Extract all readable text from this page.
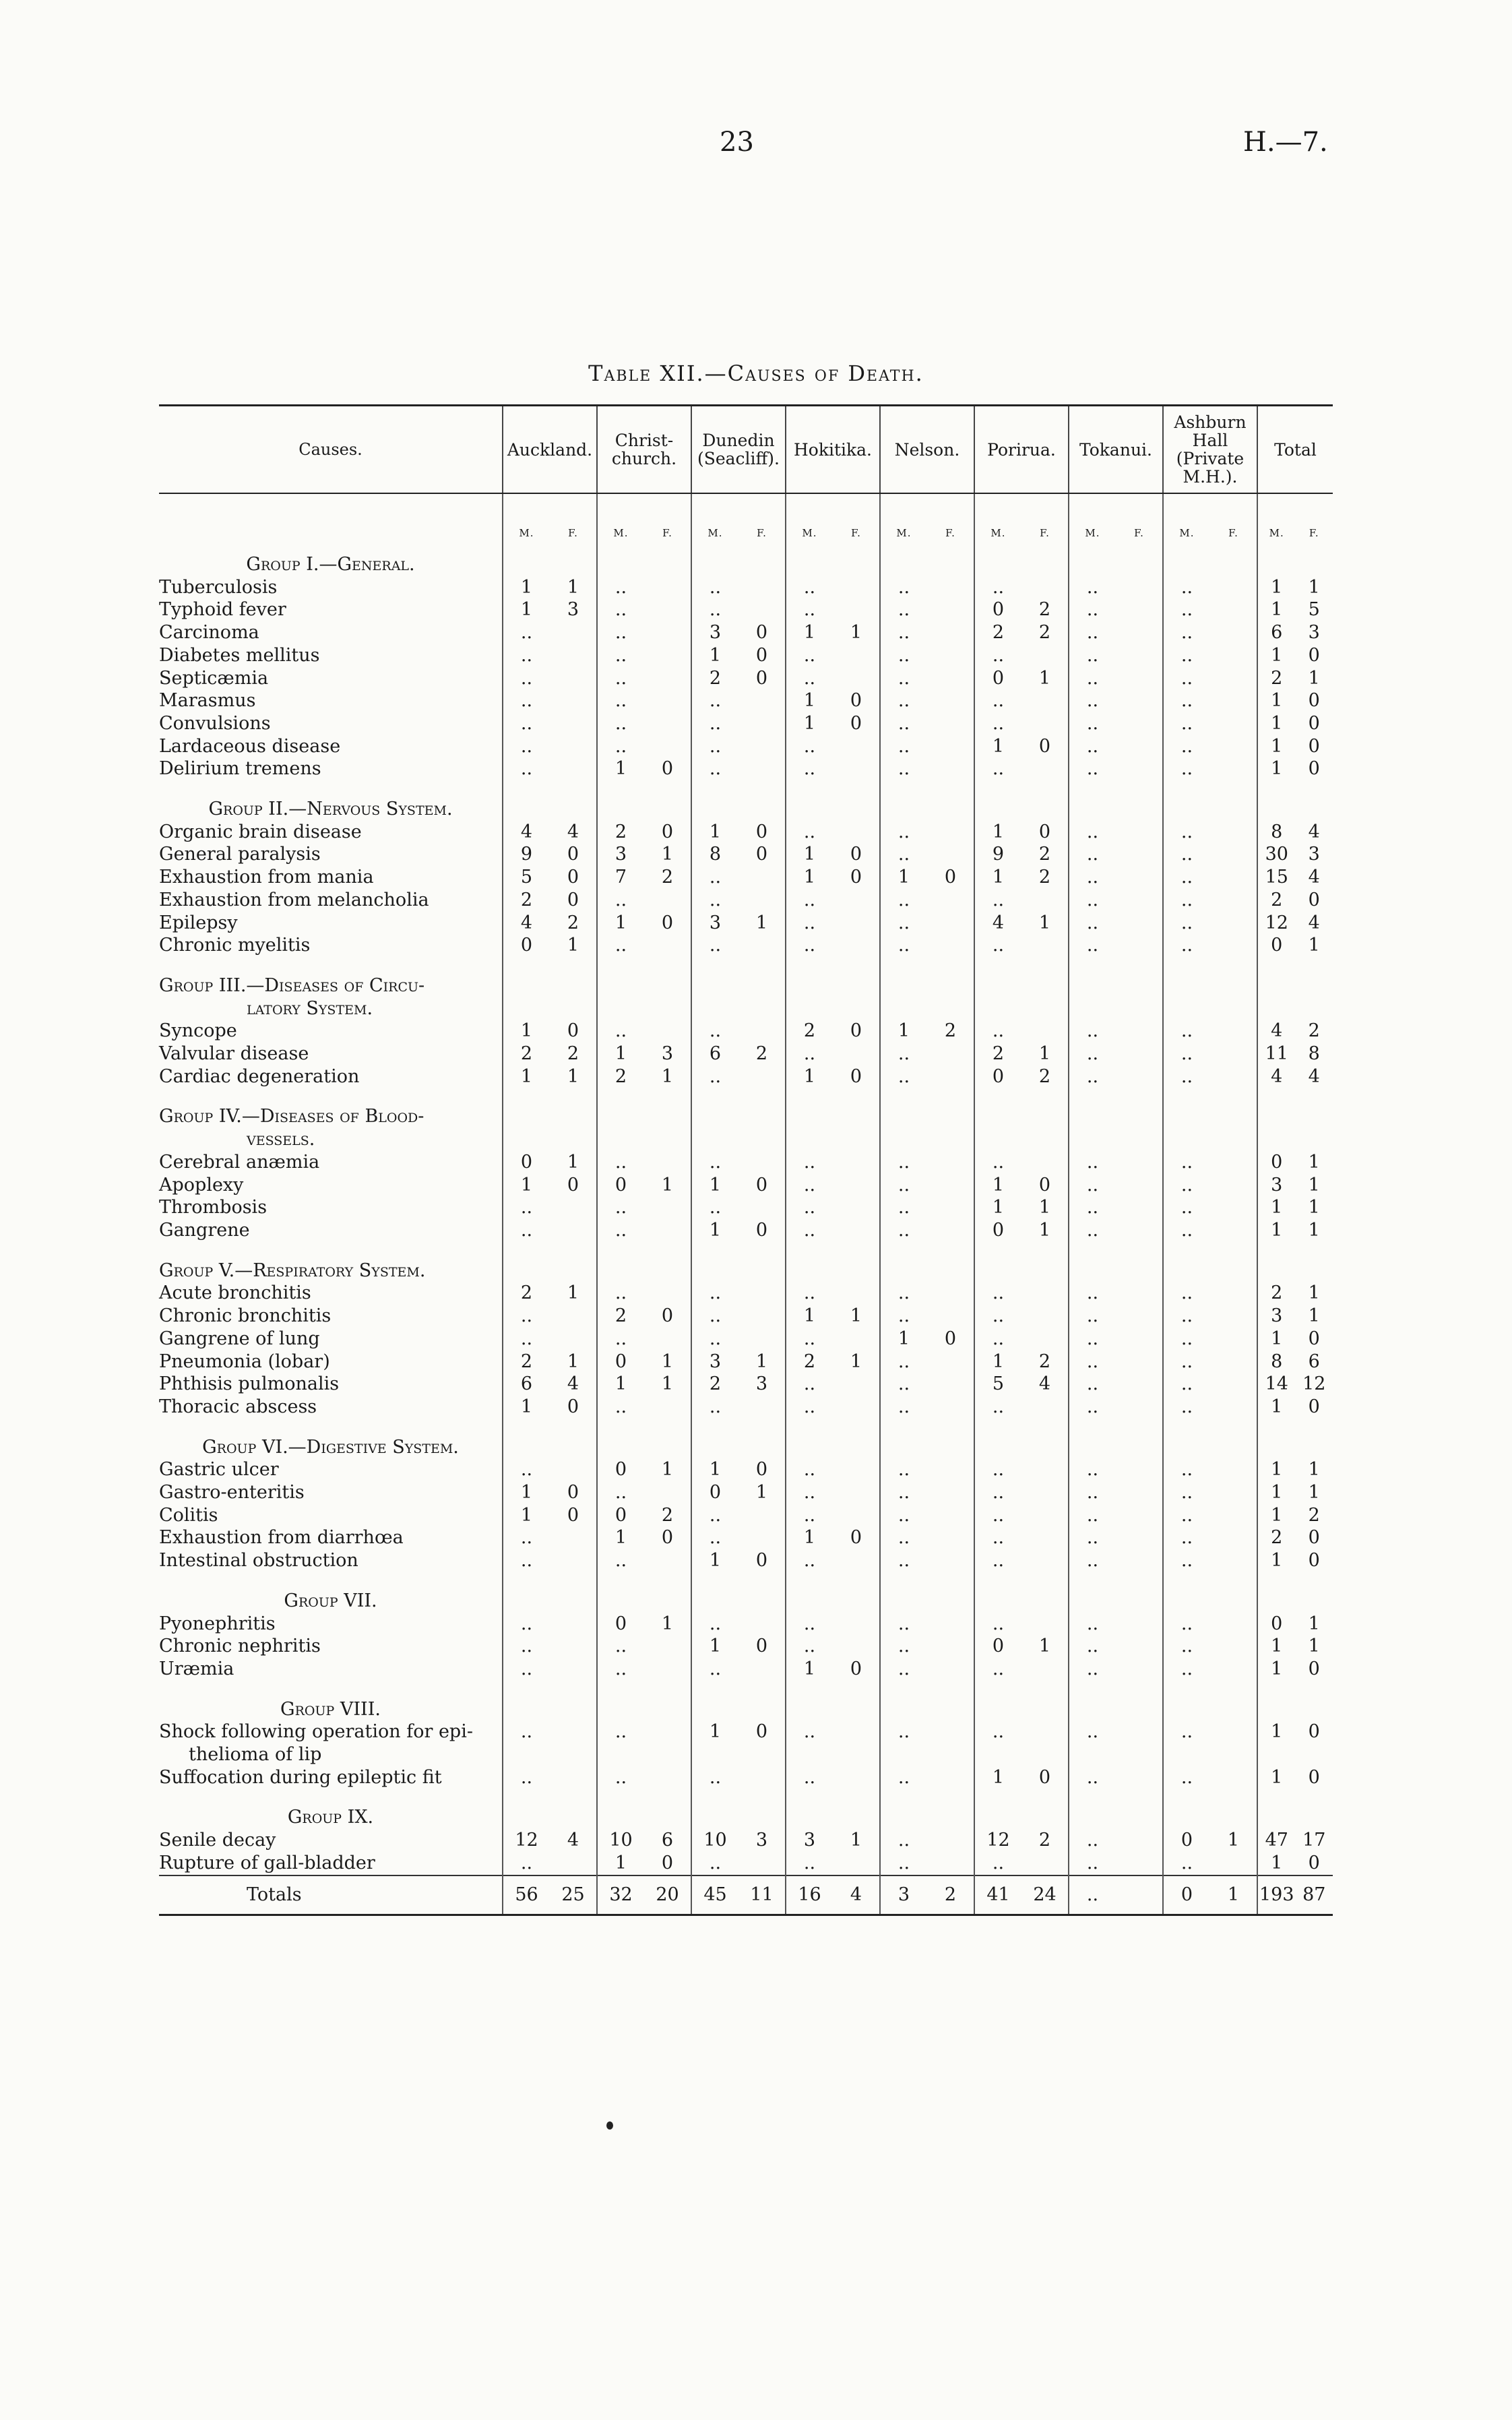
23	H.—7.
Table XII.—Causes of Death.
Causes.	Auckland.	Christ-church.	Dunedin (Seacliff).	Hokitika.	Nelson.	Porirua.	Tokanui.	Ashburn Hall (Private M.H.).	Total
	M. F.	M. F.	M. F.	M. F.	M. F.	M. F.	M. F.	M. F.	M. F.
Group I.—General.									
Tuberculosis	1 1	..	..	..	..	..	..	..	1 1
Typhoid fever	1 3	..	..	..	..	0 2	..	..	1 5
Carcinoma	..	..	3 0	1 1	..	2 2	..	..	6 3
Diabetes mellitus	..	..	1 0	..	..	..	..	..	1 0
Septicæmia	..	..	2 0	..	..	0 1	..	..	2 1
Marasmus	..	..	..	1 0	..	..	..	..	1 0
Convulsions	..	..	..	1 0	..	..	..	..	1 0
Lardaceous disease	..	..	..	..	..	1 0	..	..	1 0
Delirium tremens	..	1 0	..	..	..	..	..	..	1 0

Group II.—Nervous System.									
Organic brain disease	4 4	2 0	1 0	..	..	1 0	..	..	8 4
General paralysis	9 0	3 1	8 0	1 0	..	9 2	..	..	30 3
Exhaustion from mania	5 0	7 2	..	1 0	1 0	1 2	..	..	15 4
Exhaustion from melancholia	2 0	..	..	..	..	..	..	..	2 0
Epilepsy	4 2	1 0	3 1	..	..	4 1	..	..	12 4
Chronic myelitis	0 1	..	..	..	..	..	..	..	0 1

Group III.—Diseases of Circu-									
latory System.									
Syncope	1 0	..	..	2 0	1 2	..	..	..	4 2
Valvular disease	2 2	1 3	6 2	..	..	2 1	..	..	11 8
Cardiac degeneration	1 1	2 1	..	1 0	..	0 2	..	..	4 4

Group IV.—Diseases of Blood-									
vessels.									
Cerebral anæmia	0 1	..	..	..	..	..	..	..	0 1
Apoplexy	1 0	0 1	1 0	..	..	1 0	..	..	3 1
Thrombosis	..	..	..	..	..	1 1	..	..	1 1
Gangrene	..	..	1 0	..	..	0 1	..	..	1 1

Group V.—Respiratory System.									
Acute bronchitis	2 1	..	..	..	..	..	..	..	2 1
Chronic bronchitis	..	2 0	..	1 1	..	..	..	..	3 1
Gangrene of lung	..	..	..	..	1 0	..	..	..	1 0
Pneumonia (lobar)	2 1	0 1	3 1	2 1	..	1 2	..	..	8 6
Phthisis pulmonalis	6 4	1 1	2 3	..	..	5 4	..	..	14 12
Thoracic abscess	1 0	..	..	..	..	..	..	..	1 0

Group VI.—Digestive System.									
Gastric ulcer	..	0 1	1 0	..	..	..	..	..	1 1
Gastro-enteritis	1 0	..	0 1	..	..	..	..	..	1 1
Colitis	1 0	0 2	..	..	..	..	..	..	1 2
Exhaustion from diarrhœa	..	1 0	..	1 0	..	..	..	..	2 0
Intestinal obstruction	..	..	1 0	..	..	..	..	..	1 0

Group VII.									
Pyonephritis	..	0 1	..	..	..	..	..	..	0 1
Chronic nephritis	..	..	1 0	..	..	0 1	..	..	1 1
Uræmia	..	..	..	1 0	..	..	..	..	1 0

Group VIII.									
Shock following operation for epi-	..	..	1 0	..	..	..	..	..	1 0
thelioma of lip									
Suffocation during epileptic fit	..	..	..	..	..	1 0	..	..	1 0

Group IX.									
Senile decay	12 4	10 6	10 3	3 1	..	12 2	..	0 1	47 17
Rupture of gall-bladder	..	1 0	..	..	..	..	..	..	1 0
Totals	56 25	32 20	45 11	16 4	3 2	41 24	..	0 1	193 87
